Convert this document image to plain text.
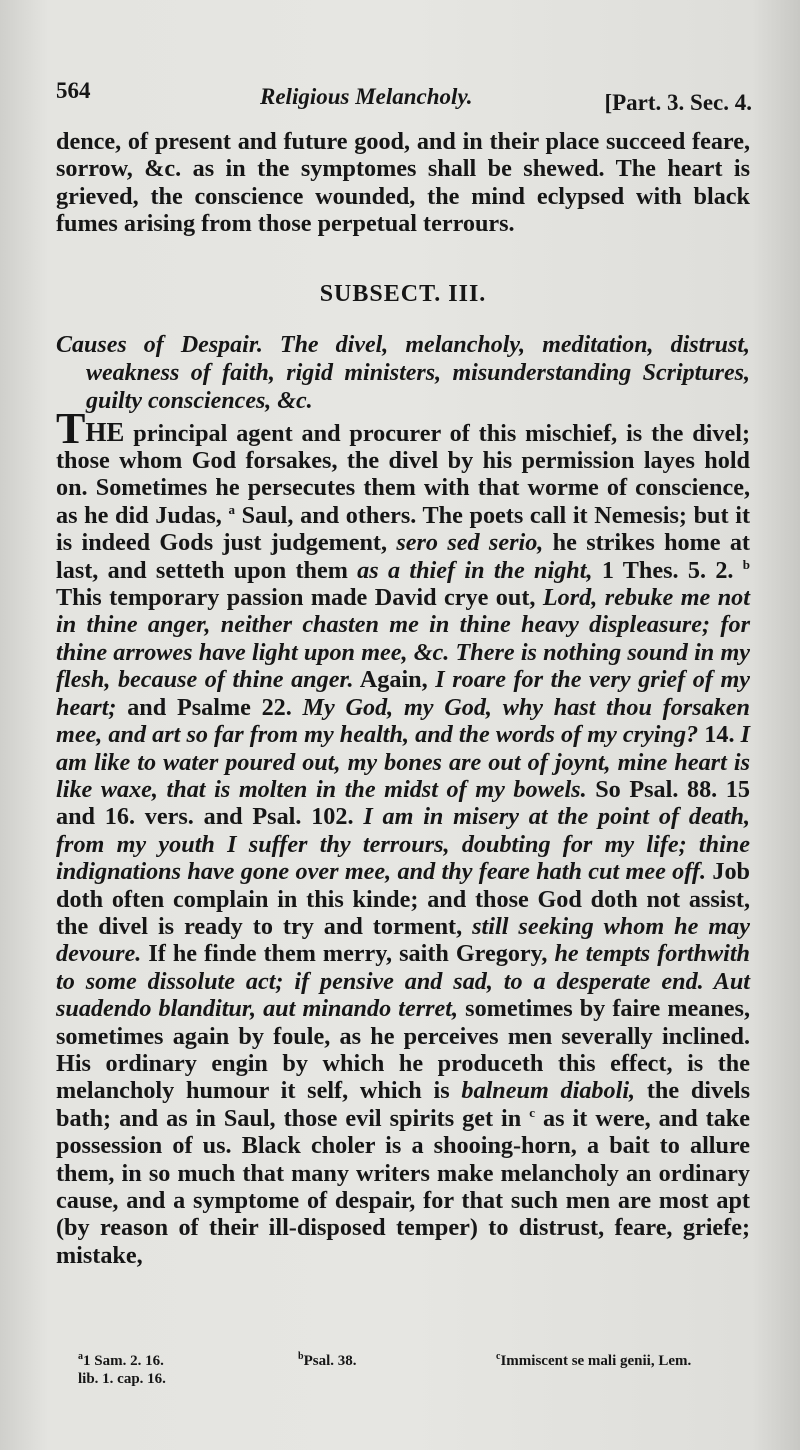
564	Religious Melancholy.	[Part. 3. Sec. 4.

dence, of present and future good, and in their place succeed feare, sorrow, &c. as in the symptomes shall be shewed. The heart is grieved, the conscience wounded, the mind eclypsed with black fumes arising from those perpetual terrours.

SUBSECT. III.

Causes of Despair. The divel, melancholy, meditation, distrust, weakness of faith, rigid ministers, misunderstanding Scriptures, guilty consciences, &c.

THE principal agent and procurer of this mischief, is the divel; those whom God forsakes, the divel by his permission layes hold on. Sometimes he persecutes them with that worme of conscience, as he did Judas, $^a$ Saul, and others. The poets call it Nemesis; but it is indeed Gods just judgement, sero sed serio, he strikes home at last, and setteth upon them as a thief in the night, 1 Thes. 5. 2. $^b$ This temporary passion made David crye out, Lord, rebuke me not in thine anger, neither chasten me in thine heavy displeasure; for thine arrowes have light upon mee, &c. There is nothing sound in my flesh, because of thine anger. Again, I roare for the very grief of my heart; and Psalme 22. My God, my God, why hast thou forsaken mee, and art so far from my health, and the words of my crying? 14. I am like to water poured out, my bones are out of joynt, mine heart is like waxe, that is molten in the midst of my bowels. So Psal. 88. 15 and 16. vers. and Psal. 102. I am in misery at the point of death, from my youth I suffer thy terrours, doubting for my life; thine indignations have gone over mee, and thy feare hath cut mee off. Job doth often complain in this kinde; and those God doth not assist, the divel is ready to try and torment, still seeking whom he may devoure. If he finde them merry, saith Gregory, he tempts forthwith to some dissolute act; if pensive and sad, to a desperate end. Aut suadendo blanditur, aut minando terret, sometimes by faire meanes, sometimes again by foule, as he perceives men severally inclined. His ordinary engin by which he produceth this effect, is the melancholy humour it self, which is balneum diaboli, the divels bath; and as in Saul, those evil spirits get in $^c$ as it were, and take possession of us. Black choler is a shooing-horn, a bait to allure them, in so much that many writers make melancholy an ordinary cause, and a symptome of despair, for that such men are most apt (by reason of their ill-disposed temper) to distrust, feare, griefe; mistake,

$^a$1 Sam. 2. 16.
lib. 1. cap. 16.
$^b$Psal. 38.	$^c$Immiscent se mali genii, Lem.
